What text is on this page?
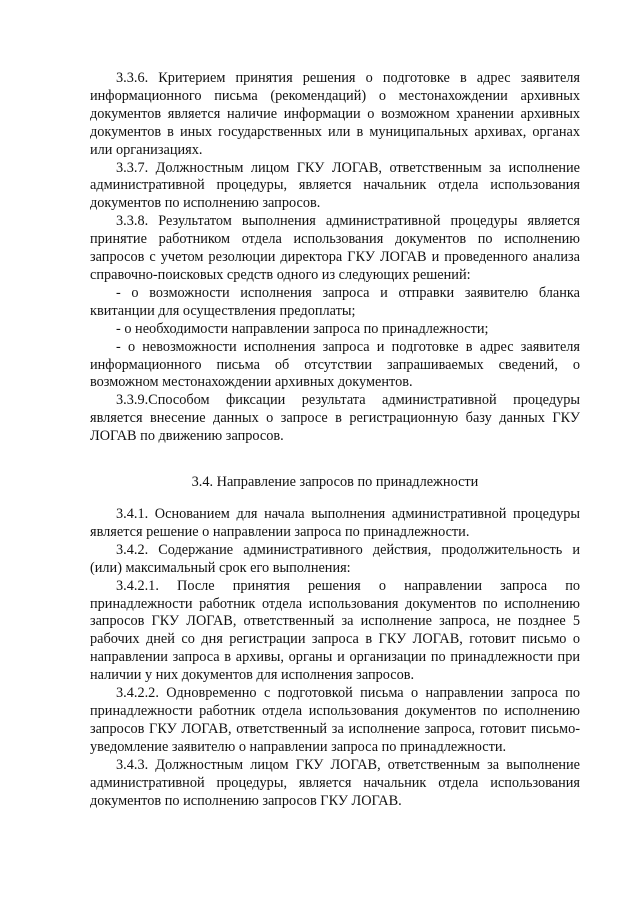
3.3.6. Критерием принятия решения о подготовке в адрес заявителя информационного письма (рекомендаций) о местонахождении архивных документов является наличие информации о возможном хранении архивных документов в иных государственных или в муниципальных архивах, органах или организациях.

3.3.7. Должностным лицом ГКУ ЛОГАВ, ответственным за исполнение административной процедуры, является начальник отдела использования документов по исполнению запросов.

3.3.8. Результатом выполнения административной процедуры является принятие работником отдела использования документов по исполнению запросов с учетом резолюции директора ГКУ ЛОГАВ и проведенного анализа справочно-поисковых средств одного из следующих решений:

- о возможности исполнения запроса и отправки заявителю бланка квитанции для осуществления предоплаты;

- о необходимости направлении запроса по принадлежности;

- о невозможности исполнения запроса и подготовке в адрес заявителя информационного письма об отсутствии запрашиваемых сведений, о возможном местонахождении архивных документов.

3.3.9.Способом фиксации результата административной процедуры является внесение данных о запросе в регистрационную базу данных ГКУ ЛОГАВ по движению запросов.

3.4. Направление запросов по принадлежности

3.4.1. Основанием для начала выполнения административной процедуры является решение о направлении запроса по принадлежности.

3.4.2. Содержание административного действия, продолжительность и (или) максимальный срок его выполнения:

3.4.2.1. После принятия решения о направлении запроса по принадлежности работник отдела использования документов по исполнению запросов ГКУ ЛОГАВ, ответственный за исполнение запроса, не позднее 5 рабочих дней со дня регистрации запроса в ГКУ ЛОГАВ, готовит письмо о направлении запроса в архивы, органы и организации по принадлежности при наличии у них документов для исполнения запросов.

3.4.2.2. Одновременно с подготовкой письма о направлении запроса по принадлежности работник отдела использования документов по исполнению запросов ГКУ ЛОГАВ, ответственный за исполнение запроса, готовит письмо-уведомление заявителю о направлении запроса по принадлежности.

3.4.3. Должностным лицом ГКУ ЛОГАВ, ответственным за выполнение административной процедуры, является начальник отдела использования документов по исполнению запросов ГКУ ЛОГАВ.
